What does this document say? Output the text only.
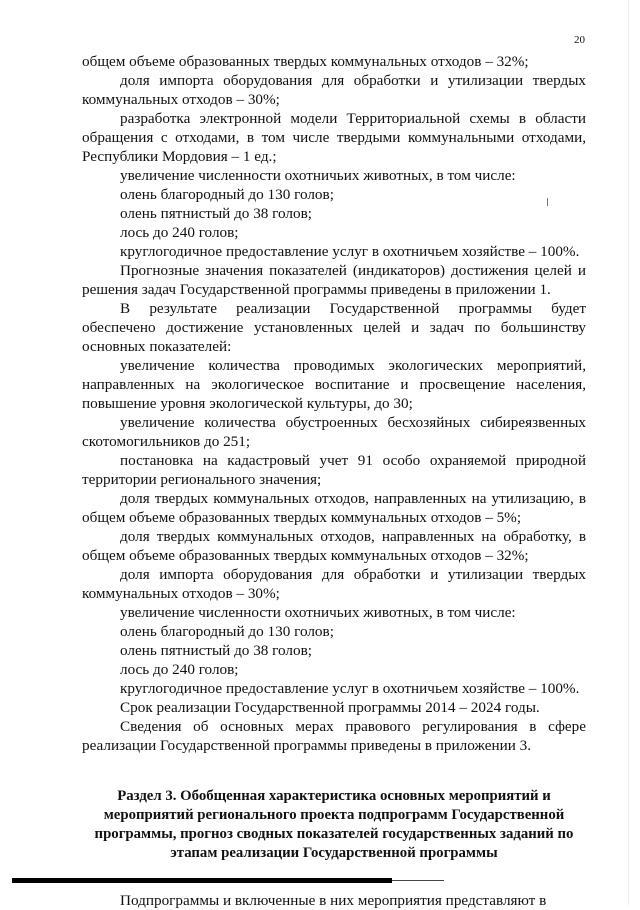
20

общем объеме образованных твердых коммунальных отходов – 32%;

доля импорта оборудования для обработки и утилизации твердых коммунальных отходов – 30%;

разработка электронной модели Территориальной схемы в области обращения с отходами, в том числе твердыми коммунальными отходами, Республики Мордовия – 1 ед.;

увеличение численности охотничьих животных, в том числе:

олень благородный до 130 голов;

олень пятнистый до 38 голов;

лось до 240 голов;

круглогодичное предоставление услуг в охотничьем хозяйстве – 100%.

Прогнозные значения показателей (индикаторов) достижения целей и решения задач Государственной программы приведены в приложении 1.

В результате реализации Государственной программы будет обеспечено достижение установленных целей и задач по большинству основных показателей:

увеличение количества проводимых экологических мероприятий, направленных на экологическое воспитание и просвещение населения, повышение уровня экологической культуры, до 30;

увеличение количества обустроенных бесхозяйных сибиреязвенных скотомогильников до 251;

постановка на кадастровый учет 91 особо охраняемой природной территории регионального значения;

доля твердых коммунальных отходов, направленных на утилизацию, в общем объеме образованных твердых коммунальных отходов – 5%;

доля твердых коммунальных отходов, направленных на обработку, в общем объеме образованных твердых коммунальных отходов – 32%;

доля импорта оборудования для обработки и утилизации твердых коммунальных отходов – 30%;

увеличение численности охотничьих животных, в том числе:

олень благородный до 130 голов;

олень пятнистый до 38 голов;

лось до 240 голов;

круглогодичное предоставление услуг в охотничьем хозяйстве – 100%.

Срок реализации Государственной программы 2014 – 2024 годы.

Сведения об основных мерах правового регулирования в сфере реализации Государственной программы приведены в приложении 3.

Раздел 3. Обобщенная характеристика основных мероприятий и мероприятий регионального проекта подпрограмм Государственной программы, прогноз сводных показателей государственных заданий по этапам реализации Государственной программы

Подпрограммы и включенные в них мероприятия представляют в
